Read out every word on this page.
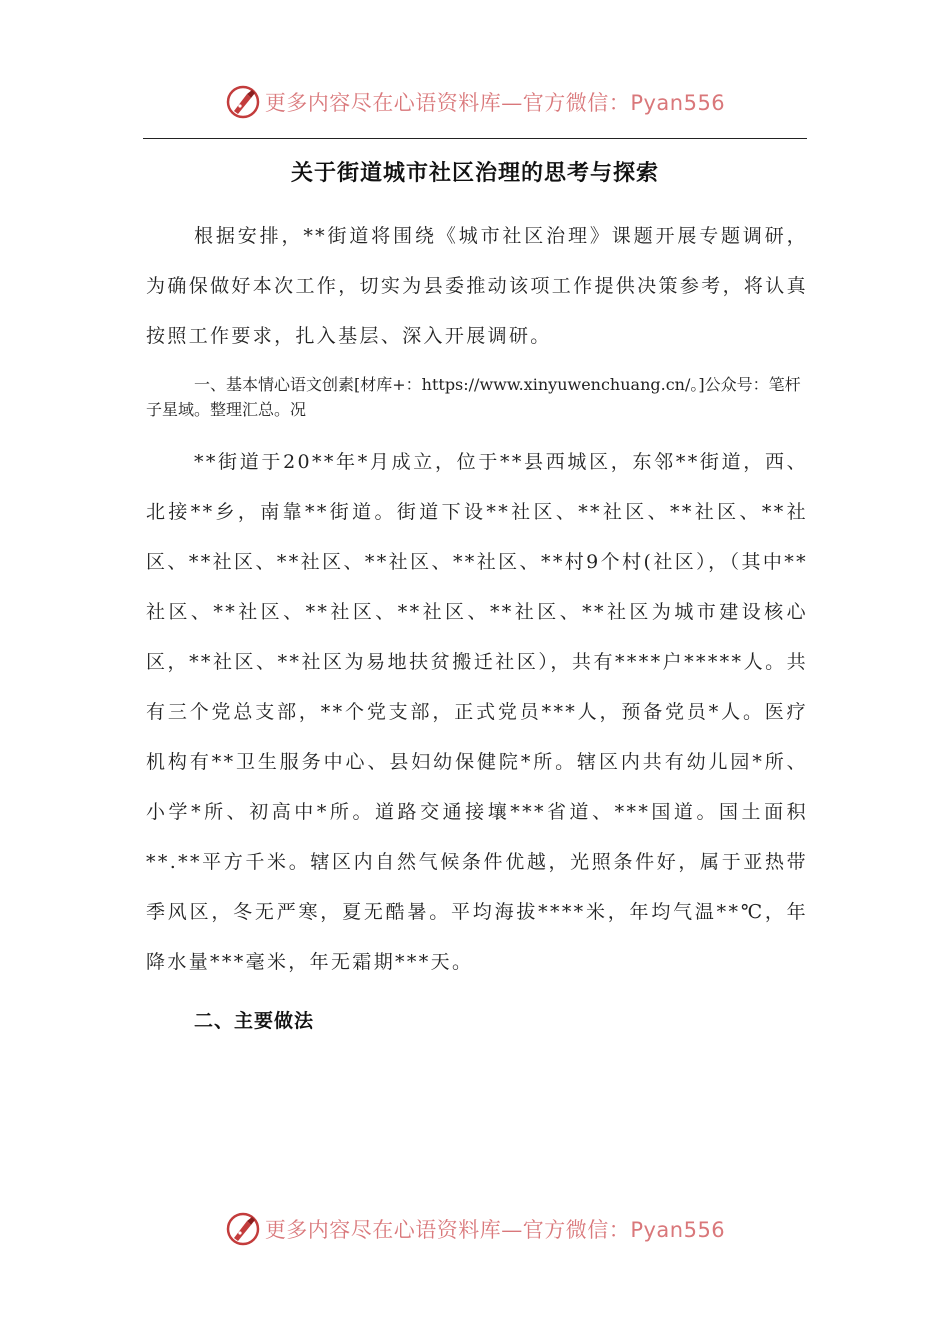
更多内容尽在心语资料库—官方微信：Pyan556
关于街道城市社区治理的思考与探索

根据安排，**街道将围绕《城市社区治理》课题开展专题调研，为确保做好本次工作，切实为县委推动该项工作提供决策参考，将认真按照工作要求，扎入基层、深入开展调研。

一、基本情心语文创素[材库+：https://www.xinyuwenchuang.cn/。]公众号：笔杆子星域。整理汇总。况

**街道于20**年*月成立，位于**县西城区，东邻**街道，西、北接**乡，南靠**街道。街道下设**社区、**社区、**社区、**社区、**社区、**社区、**社区、**社区、**村9个村(社区），（其中**社区、**社区、**社区、**社区、**社区、**社区为城市建设核心区，**社区、**社区为易地扶贫搬迁社区），共有****户*****人。共有三个党总支部，**个党支部，正式党员***人，预备党员*人。医疗机构有**卫生服务中心、县妇幼保健院*所。辖区内共有幼儿园*所、小学*所、初高中*所。道路交通接壤***省道、***国道。国土面积**.**平方千米。辖区内自然气候条件优越，光照条件好，属于亚热带季风区，冬无严寒，夏无酷暑。平均海拔****米，年均气温**℃，年降水量***毫米，年无霜期***天。

二、主要做法
更多内容尽在心语资料库—官方微信：Pyan556
